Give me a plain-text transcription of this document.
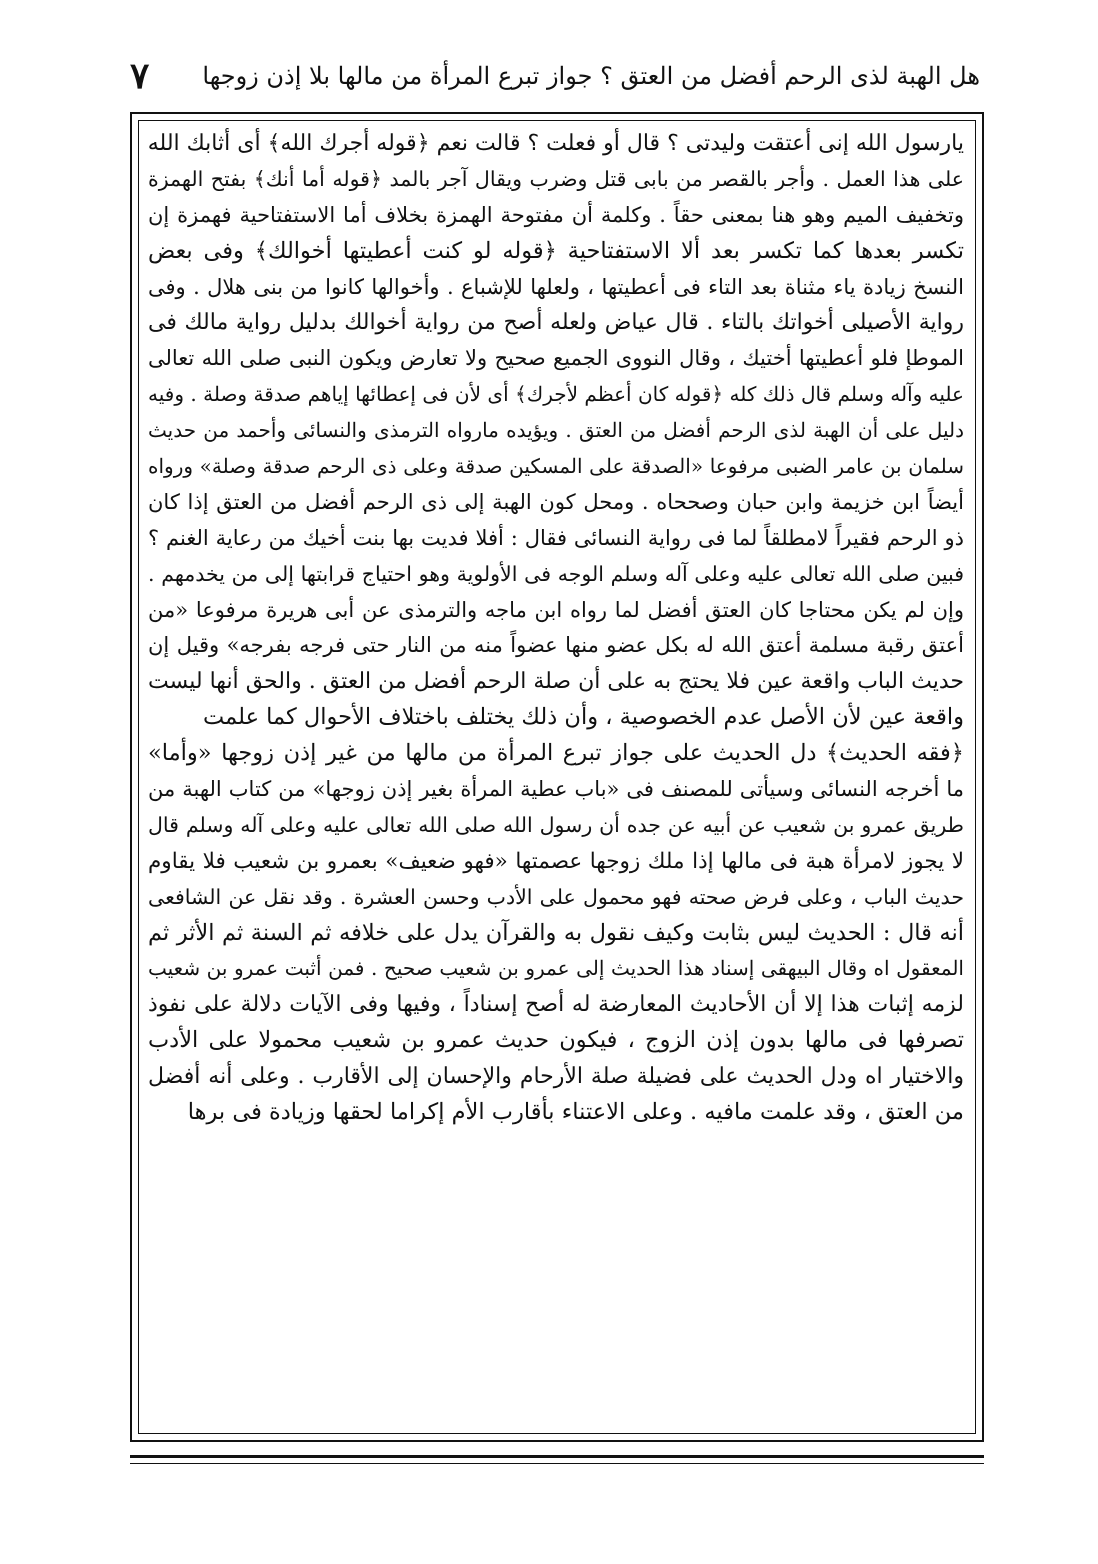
هل الهبة لذى الرحم أفضل من العتق ؟ جواز تبرع المرأة من مالها بلا إذن زوجها
٧
يارسول الله إنى أعتقت وليدتى ؟ قال أو فعلت ؟ قالت نعم ﴿قوله أجرك الله﴾ أى أثابك الله
على هذا العمل . وأجر بالقصر من بابى قتل وضرب ويقال آجر بالمد ﴿قوله أما أنك﴾ بفتح الهمزة
وتخفيف الميم وهو هنا بمعنى حقاً . وكلمة أن مفتوحة الهمزة بخلاف أما الاستفتاحية فهمزة إن
تكسر بعدها كما تكسر بعد ألا الاستفتاحية ﴿قوله لو كنت أعطيتها أخوالك﴾ وفى بعض
النسخ زيادة ياء مثناة بعد التاء فى أعطيتها ، ولعلها للإشباع . وأخوالها كانوا من بنى هلال . وفى
رواية الأصيلى أخواتك بالتاء . قال عياض ولعله أصح من رواية أخوالك بدليل رواية مالك فى
الموطإ فلو أعطيتها أختيك ، وقال النووى الجميع صحيح ولا تعارض ويكون النبى صلى الله تعالى
عليه وآله وسلم قال ذلك كله ﴿قوله كان أعظم لأجرك﴾ أى لأن فى إعطائها إياهم صدقة وصلة . وفيه
دليل على أن الهبة لذى الرحم أفضل من العتق . ويؤيده مارواه الترمذى والنسائى وأحمد من حديث
سلمان بن عامر الضبى مرفوعا «الصدقة على المسكين صدقة وعلى ذى الرحم صدقة وصلة» ورواه
أيضاً ابن خزيمة وابن حبان وصححاه . ومحل كون الهبة إلى ذى الرحم أفضل من العتق إذا كان
ذو الرحم فقيراً لامطلقاً لما فى رواية النسائى فقال : أفلا فديت بها بنت أخيك من رعاية الغنم ؟
فبين صلى الله تعالى عليه وعلى آله وسلم الوجه فى الأولوية وهو احتياج قرابتها إلى من يخدمهم .
وإن لم يكن محتاجا كان العتق أفضل لما رواه ابن ماجه والترمذى عن أبى هريرة مرفوعا «من
أعتق رقبة مسلمة أعتق الله له بكل عضو منها عضواً منه من النار حتى فرجه بفرجه» وقيل إن
حديث الباب واقعة عين فلا يحتج به على أن صلة الرحم أفضل من العتق . والحق أنها ليست
واقعة عين لأن الأصل عدم الخصوصية ، وأن ذلك يختلف باختلاف الأحوال كما علمت
﴿فقه الحديث﴾ دل الحديث على جواز تبرع المرأة من مالها من غير إذن زوجها «وأما»
ما أخرجه النسائى وسيأتى للمصنف فى «باب عطية المرأة بغير إذن زوجها» من كتاب الهبة من
طريق عمرو بن شعيب عن أبيه عن جده أن رسول الله صلى الله تعالى عليه وعلى آله وسلم قال
لا يجوز لامرأة هبة فى مالها إذا ملك زوجها عصمتها «فهو ضعيف» بعمرو بن شعيب فلا يقاوم
حديث الباب ، وعلى فرض صحته فهو محمول على الأدب وحسن العشرة . وقد نقل عن الشافعى
أنه قال : الحديث ليس بثابت وكيف نقول به والقرآن يدل على خلافه ثم السنة ثم الأثر ثم
المعقول اه وقال البيهقى إسناد هذا الحديث إلى عمرو بن شعيب صحيح . فمن أثبت عمرو بن شعيب
لزمه إثبات هذا إلا أن الأحاديث المعارضة له أصح إسناداً ، وفيها وفى الآيات دلالة على نفوذ
تصرفها فى مالها بدون إذن الزوج ، فيكون حديث عمرو بن شعيب محمولا على الأدب
والاختيار اه ودل الحديث على فضيلة صلة الأرحام والإحسان إلى الأقارب . وعلى أنه أفضل
من العتق ، وقد علمت مافيه . وعلى الاعتناء بأقارب الأم إكراما لحقها وزيادة فى برها
